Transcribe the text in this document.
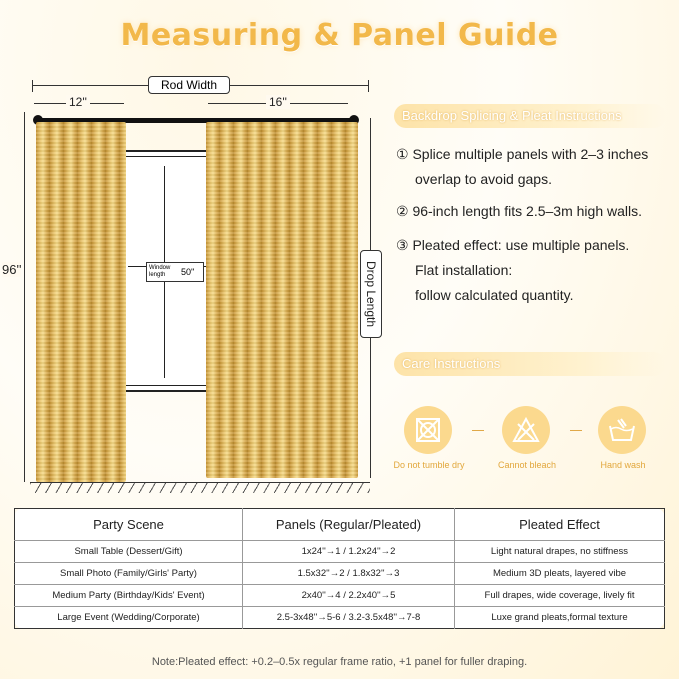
Measuring & Panel Guide
Rod Width
12''	16''
96''	Drop Length
Window length	50''
Backdrop Splicing & Pleat Instructions
① Splice multiple panels with 2–3 inches
overlap to avoid gaps.
② 96-inch length fits 2.5–3m high walls.
③ Pleated effect: use multiple panels.
Flat installation:
follow calculated quantity.
Care Instructions
Do not tumble dry	Cannot bleach	Hand wash
Party Scene	Panels (Regular/Pleated)	Pleated Effect
Small Table (Dessert/Gift)	1x24''→1 / 1.2x24''→2	Light natural drapes, no stiffness
Small Photo (Family/Girls' Party)	1.5x32''→2 / 1.8x32''→3	Medium 3D pleats, layered vibe
Medium Party (Birthday/Kids' Event)	2x40''→4 / 2.2x40''→5	Full drapes, wide coverage, lively fit
Large Event (Wedding/Corporate)	2.5-3x48''→5-6 / 3.2-3.5x48''→7-8	Luxe grand pleats,formal texture
Note:Pleated effect: +0.2–0.5x regular frame ratio, +1 panel for fuller draping.
